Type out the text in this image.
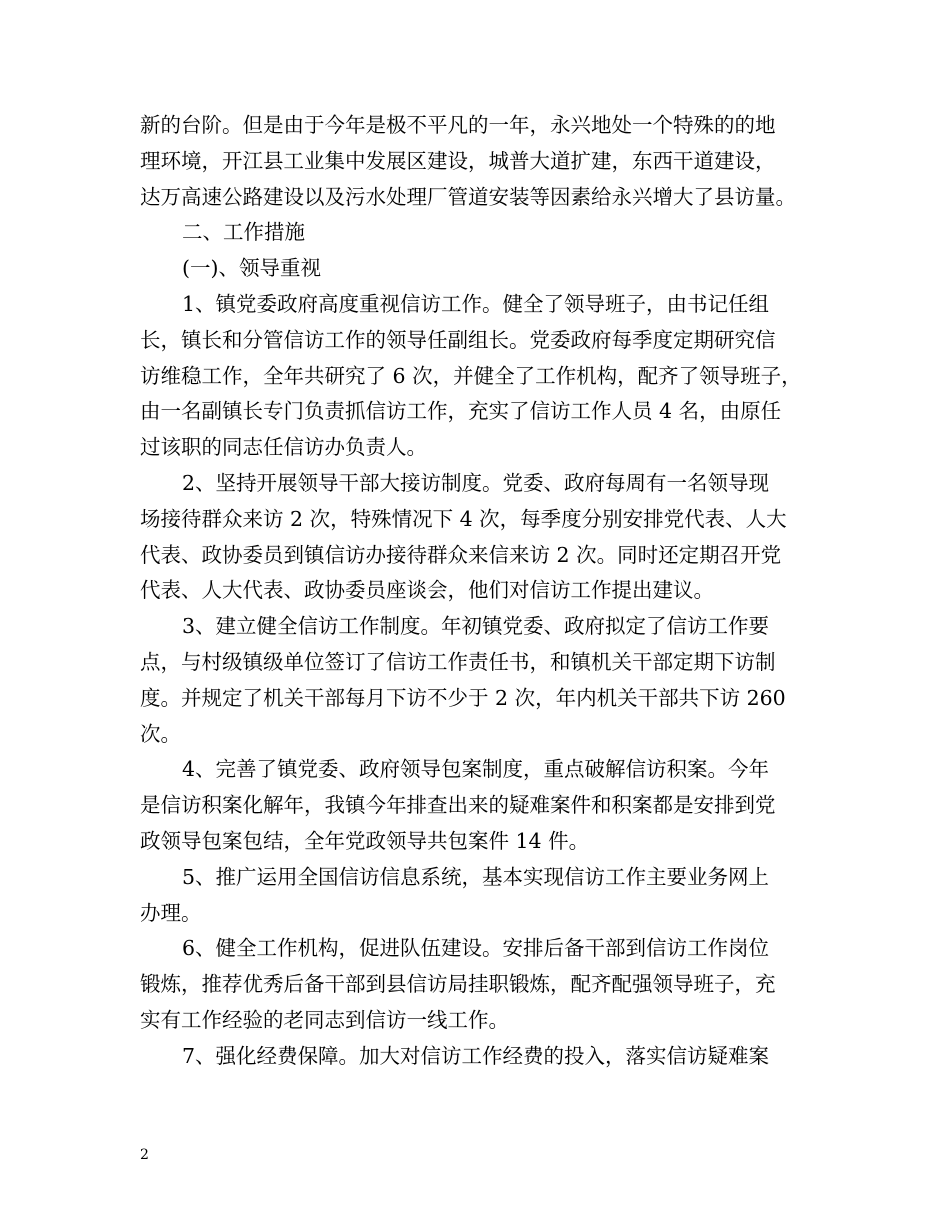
新的台阶。但是由于今年是极不平凡的一年，永兴地处一个特殊的的地
理环境，开江县工业集中发展区建设，城普大道扩建，东西干道建设，
达万高速公路建设以及污水处理厂管道安装等因素给永兴增大了县访量。
二、工作措施
(一)、领导重视
1、镇党委政府高度重视信访工作。健全了领导班子，由书记任组
长，镇长和分管信访工作的领导任副组长。党委政府每季度定期研究信
访维稳工作，全年共研究了 6 次，并健全了工作机构，配齐了领导班子，
由一名副镇长专门负责抓信访工作，充实了信访工作人员 4 名，由原任
过该职的同志任信访办负责人。
2、坚持开展领导干部大接访制度。党委、政府每周有一名领导现
场接待群众来访 2 次，特殊情况下 4 次，每季度分别安排党代表、人大
代表、政协委员到镇信访办接待群众来信来访 2 次。同时还定期召开党
代表、人大代表、政协委员座谈会，他们对信访工作提出建议。
3、建立健全信访工作制度。年初镇党委、政府拟定了信访工作要
点，与村级镇级单位签订了信访工作责任书，和镇机关干部定期下访制
度。并规定了机关干部每月下访不少于 2 次，年内机关干部共下访 260
次。
4、完善了镇党委、政府领导包案制度，重点破解信访积案。今年
是信访积案化解年，我镇今年排查出来的疑难案件和积案都是安排到党
政领导包案包结，全年党政领导共包案件 14 件。
5、推广运用全国信访信息系统，基本实现信访工作主要业务网上
办理。
6、健全工作机构，促进队伍建设。安排后备干部到信访工作岗位
锻炼，推荐优秀后备干部到县信访局挂职锻炼，配齐配强领导班子，充
实有工作经验的老同志到信访一线工作。
7、强化经费保障。加大对信访工作经费的投入，落实信访疑难案
2
